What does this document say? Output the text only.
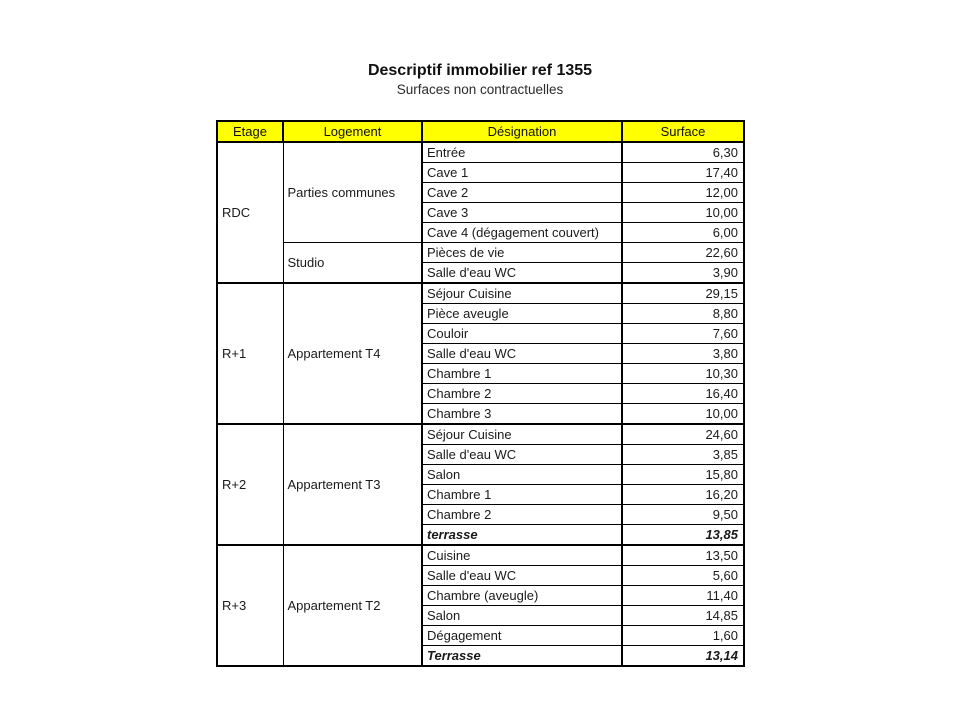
Descriptif immobilier ref 1355
Surfaces non contractuelles
Etage	Logement	Désignation	Surface
RDC	Parties communes	Entrée	6,30
		Cave 1	17,40
		Cave 2	12,00
		Cave 3	10,00
		Cave 4 (dégagement couvert)	6,00
	Studio	Pièces de vie	22,60
		Salle d'eau WC	3,90
R+1	Appartement T4	Séjour Cuisine	29,15
		Pièce aveugle	8,80
		Couloir	7,60
		Salle d'eau WC	3,80
		Chambre 1	10,30
		Chambre 2	16,40
		Chambre 3	10,00
R+2	Appartement T3	Séjour Cuisine	24,60
		Salle d'eau WC	3,85
		Salon	15,80
		Chambre 1	16,20
		Chambre 2	9,50
		terrasse	13,85
R+3	Appartement T2	Cuisine	13,50
		Salle d'eau WC	5,60
		Chambre (aveugle)	11,40
		Salon	14,85
		Dégagement	1,60
		Terrasse	13,14
